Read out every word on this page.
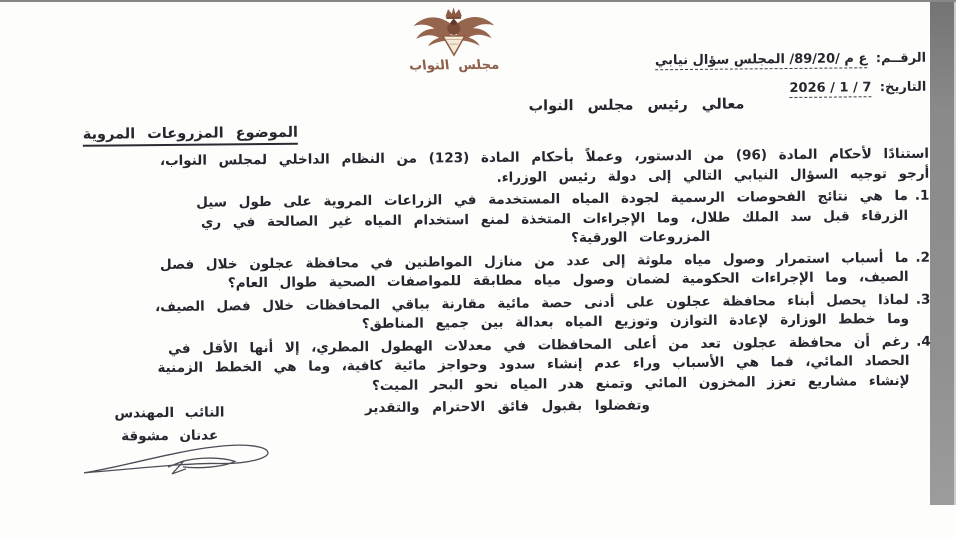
مجلس النواب	الرقــم: ع م /89/20/ المجلس سؤال نيابي
التاريخ: 7 / 1 / 2026
معالي رئيس مجلس النواب
الموضوع المزروعات المروية
استنادًا لأحكام المادة (96) من الدستور، وعملاً بأحكام المادة (123) من النظام الداخلي لمجلس النواب،
أرجو توجيه السؤال النيابي التالي إلى دولة رئيس الوزراء.
1.
ما هي نتائج الفحوصات الرسمية لجودة المياه المستخدمة في الزراعات المروية على طول سيل
الزرقاء قبل سد الملك طلال، وما الإجراءات المتخذة لمنع استخدام المياه غير الصالحة في ري
المزروعات الورقية؟
2.
ما أسباب استمرار وصول مياه ملوثة إلى عدد من منازل المواطنين في محافظة عجلون خلال فصل
الصيف، وما الإجراءات الحكومية لضمان وصول مياه مطابقة للمواصفات الصحية طوال العام؟
3.
لماذا يحصل أبناء محافظة عجلون على أدنى حصة مائية مقارنة بباقي المحافظات خلال فصل الصيف،
وما خطط الوزارة لإعادة التوازن وتوزيع المياه بعدالة بين جميع المناطق؟
4.
رغم أن محافظة عجلون تعد من أعلى المحافظات في معدلات الهطول المطري، إلا أنها الأقل في
الحصاد المائي، فما هي الأسباب وراء عدم إنشاء سدود وحواجز مائية كافية، وما هي الخطط الزمنية
لإنشاء مشاريع تعزز المخزون المائي وتمنع هدر المياه نحو البحر الميت؟
وتفضلوا بقبول فائق الاحترام والتقدير
النائب المهندس
عدنان مشوقة
